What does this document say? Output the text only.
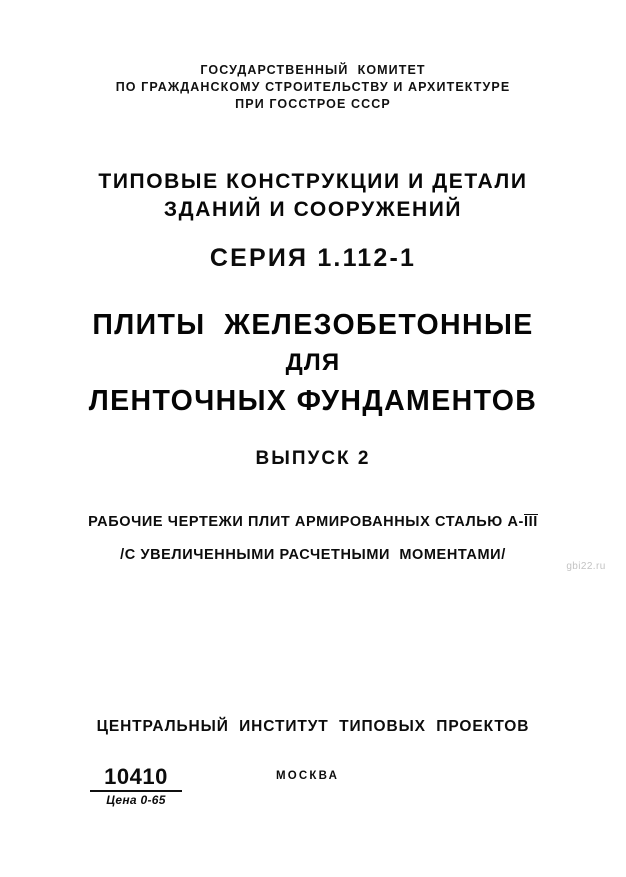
ГОСУДАРСТВЕННЫЙ  КОМИТЕТ
ПО ГРАЖДАНСКОМУ СТРОИТЕЛЬСТВУ И АРХИТЕКТУРЕ
ПРИ ГОССТРОЕ СССР
ТИПОВЫЕ КОНСТРУКЦИИ И ДЕТАЛИ
ЗДАНИЙ И СООРУЖЕНИЙ
СЕРИЯ 1.112-1
ПЛИТЫ  ЖЕЛЕЗОБЕТОННЫЕ
ДЛЯ
ЛЕНТОЧНЫХ ФУНДАМЕНТОВ
ВЫПУСК 2
РАБОЧИЕ ЧЕРТЕЖИ ПЛИТ АРМИРОВАННЫХ СТАЛЬЮ А-III
/С УВЕЛИЧЕННЫМИ РАСЧЕТНЫМИ  МОМЕНТАМИ/
gbi22.ru
ЦЕНТРАЛЬНЫЙ  ИНСТИТУТ  ТИПОВЫХ  ПРОЕКТОВ
10410
Цена 0-65
МОСКВА
